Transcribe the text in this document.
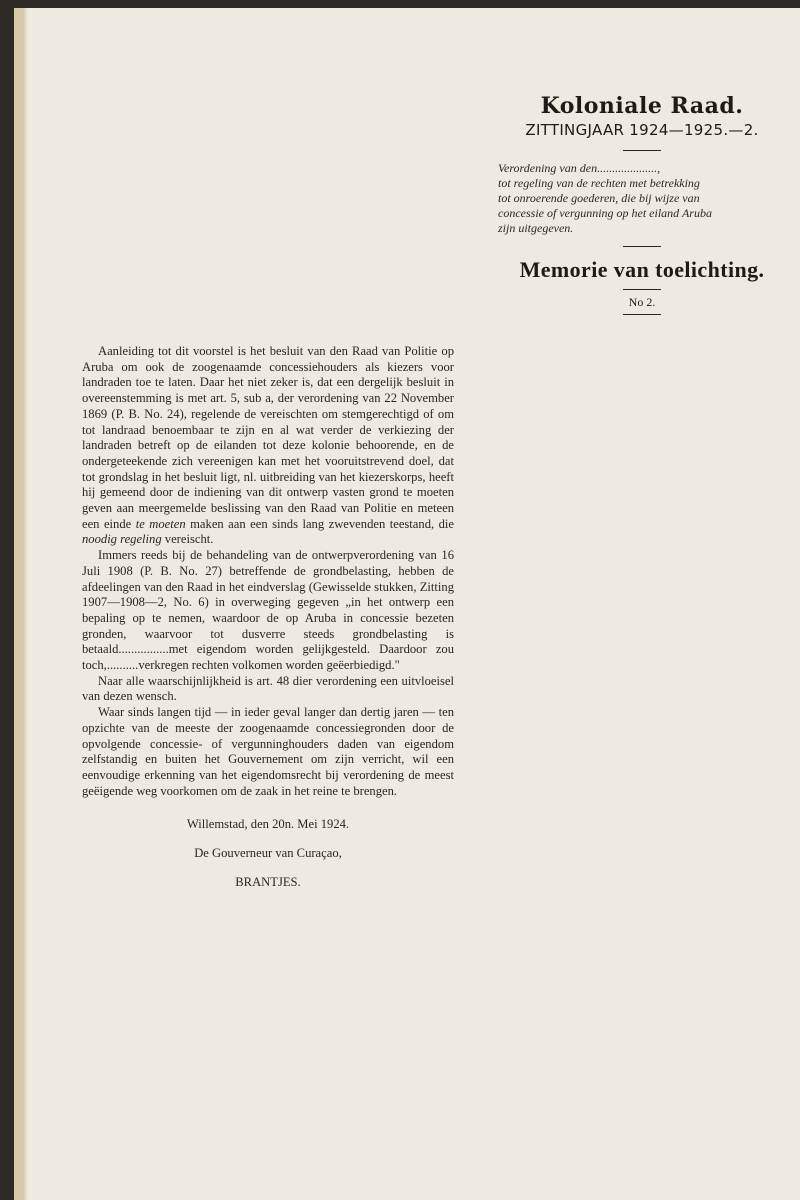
Koloniale Raad.

ZITTINGJAAR 1924—1925.—2.

Verordening van den....................,
tot regeling van de rechten met betrekking
tot onroerende goederen, die bij wijze van
concessie of vergunning op het eiland Aruba
zijn uitgegeven.

Memorie van toelichting.

No 2.

Aanleiding tot dit voorstel is het besluit van den Raad van Politie op Aruba om ook de zoogenaamde concessiehouders als kiezers voor landraden toe te laten. Daar het niet zeker is, dat een dergelijk besluit in overeenstemming is met art. 5, sub a, der verordening van 22 November 1869 (P. B. No. 24), regelende de vereischten om stemgerechtigd of om tot landraad benoembaar te zijn en al wat verder de verkiezing der landraden betreft op de eilanden tot deze kolonie behoorende, en de ondergeteekende zich vereenigen kan met het vooruitstrevend doel, dat tot grondslag in het besluit ligt, nl. uitbreiding van het kiezerskorps, heeft hij gemeend door de indiening van dit ontwerp vasten grond te moeten geven aan meergemelde beslissing van den Raad van Politie en meteen een einde te moeten maken aan een sinds lang zwevenden teestand, die noodig regeling vereischt.

Immers reeds bij de behandeling van de ontwerpverordening van 16 Juli 1908 (P. B. No. 27) betreffende de grondbelasting, hebben de afdeelingen van den Raad in het eindverslag (Gewisselde stukken, Zitting 1907—1908—2, No. 6) in overweging gegeven „in het ontwerp een bepaling op te nemen, waardoor de op Aruba in concessie bezeten gronden, waarvoor tot dusverre steeds grondbelasting is betaald................met eigendom worden gelijkgesteld. Daardoor zou toch,..........verkregen rechten volkomen worden geëerbiedigd."

Naar alle waarschijnlijkheid is art. 48 dier verordening een uitvloeisel van dezen wensch.

Waar sinds langen tijd — in ieder geval langer dan dertig jaren — ten opzichte van de meeste der zoogenaamde concessiegronden door de opvolgende concessie- of vergunninghouders daden van eigendom zelfstandig en buiten het Gouvernement om zijn verricht, wil een eenvoudige erkenning van het eigendomsrecht bij verordening de meest geëigende weg voorkomen om de zaak in het reine te brengen.

Willemstad, den 20n. Mei 1924.

De Gouverneur van Curaçao,

BRANTJES.
